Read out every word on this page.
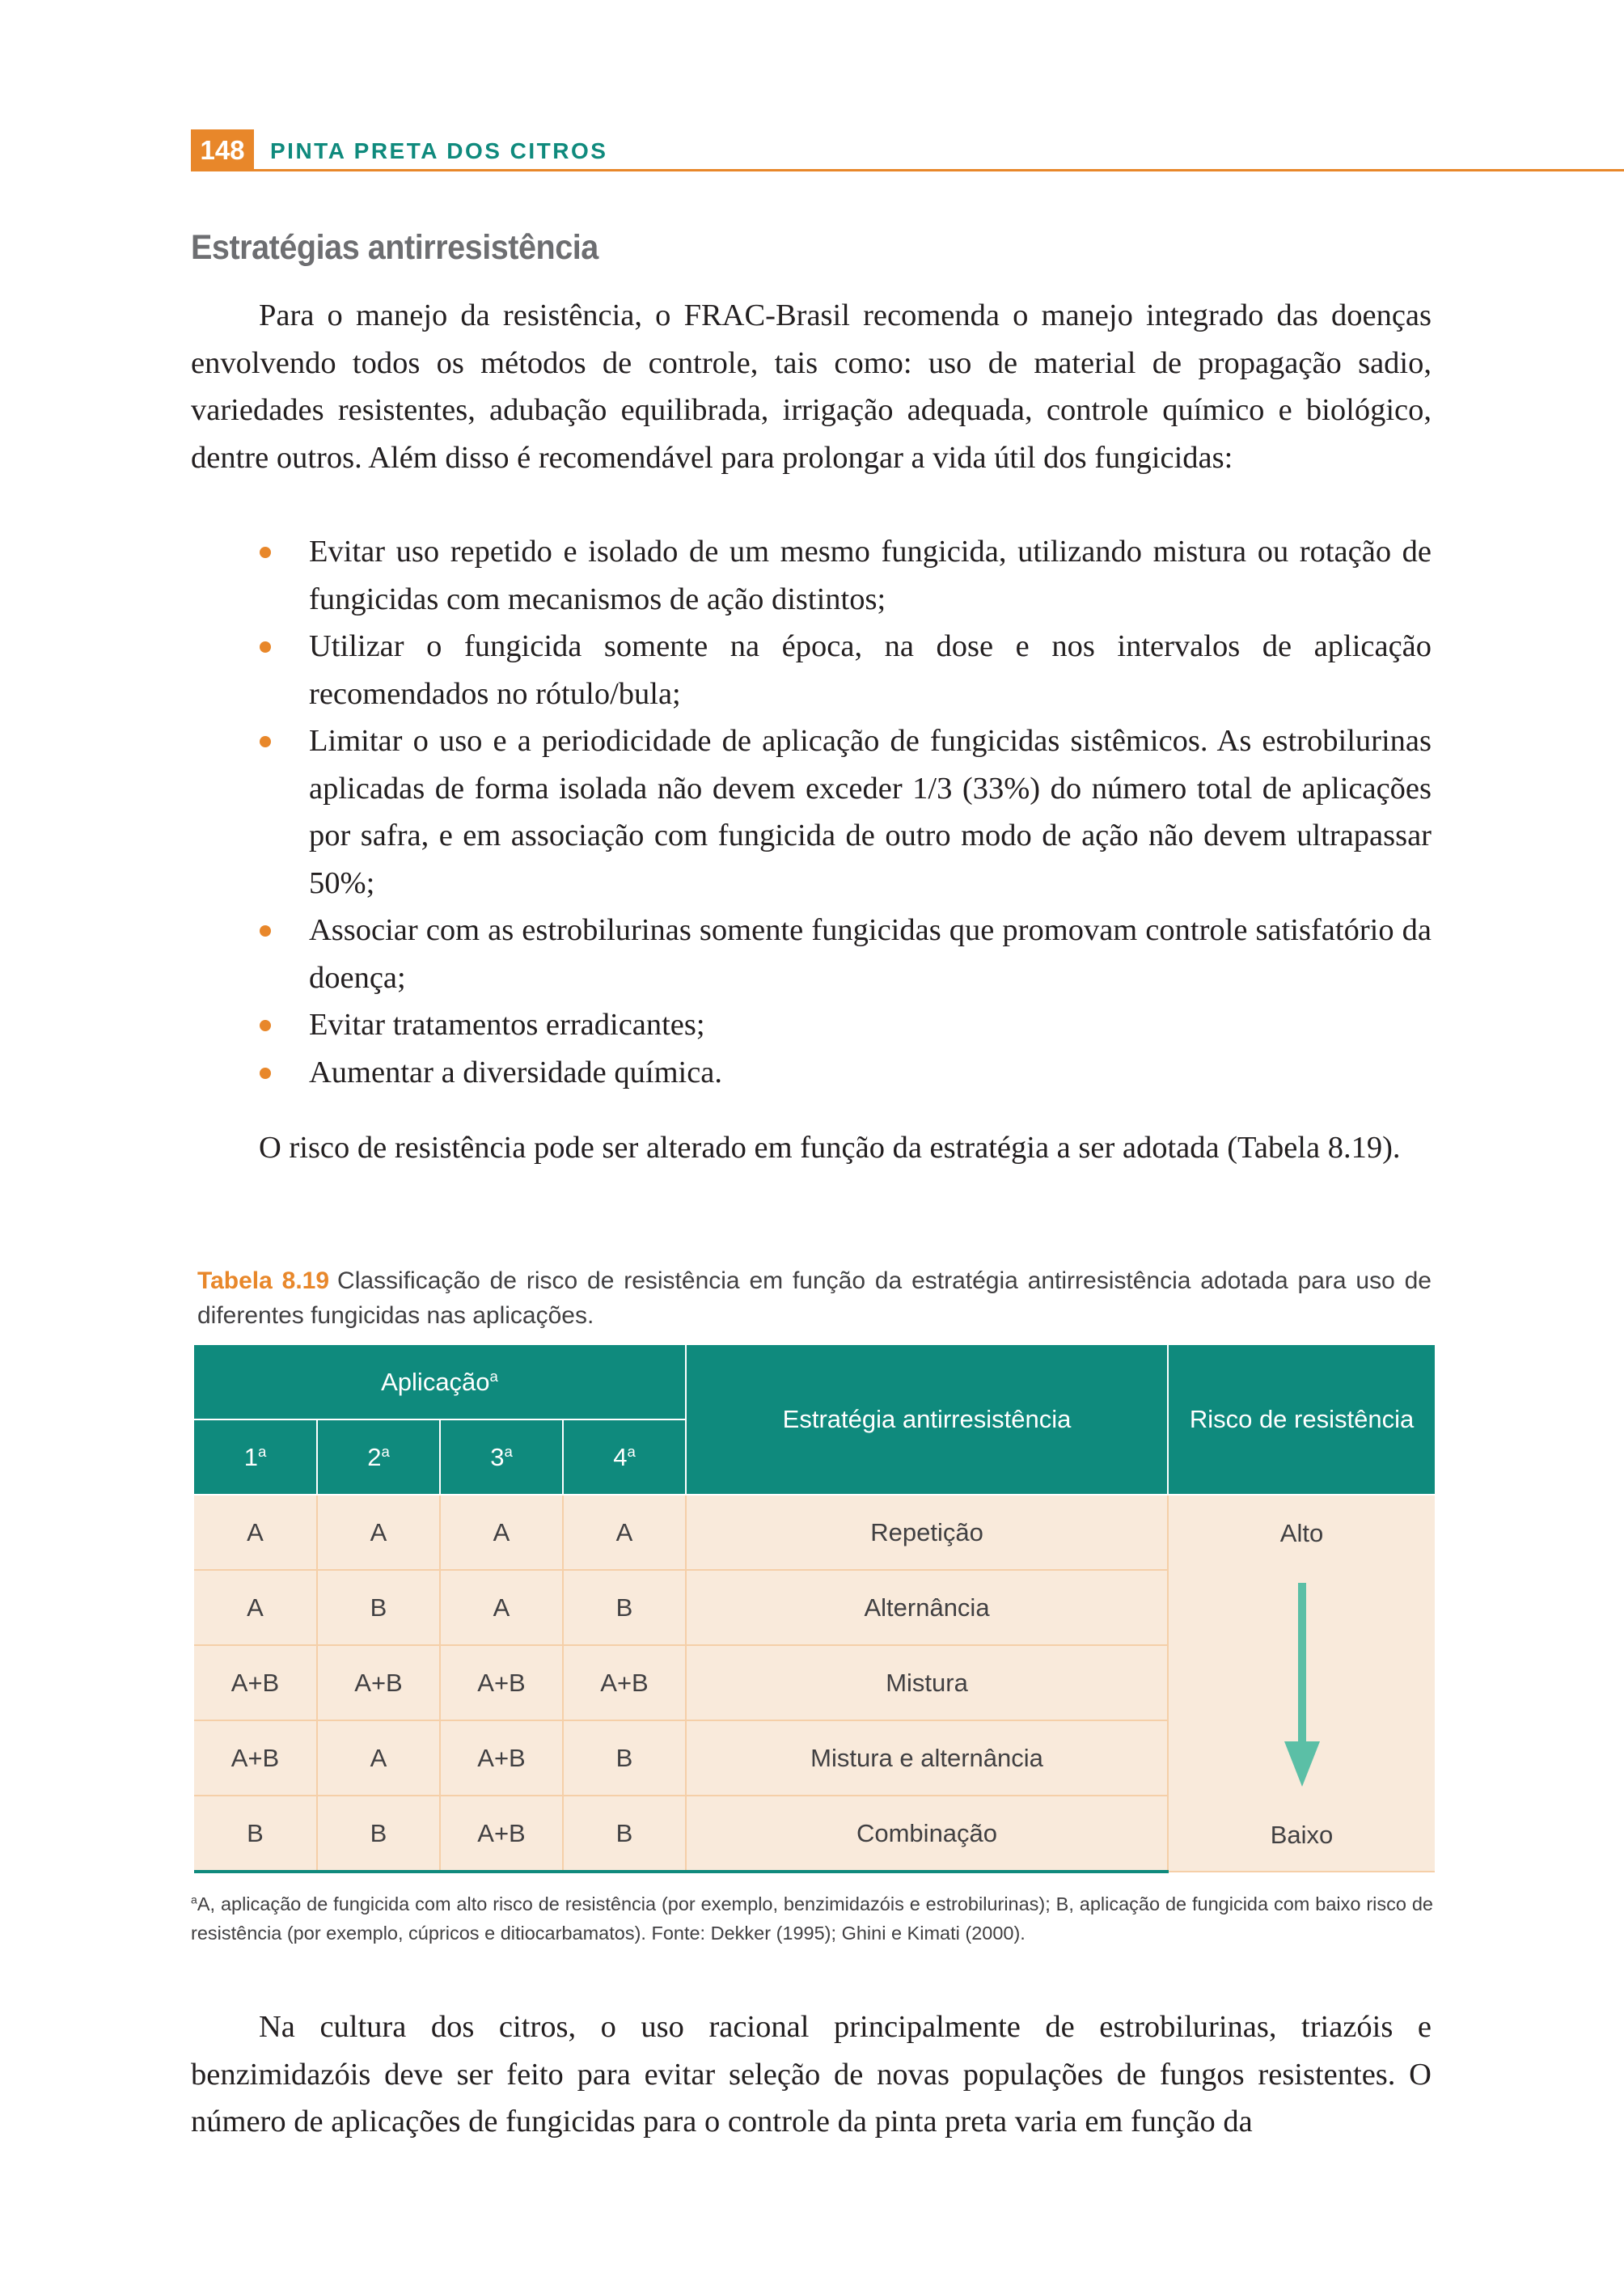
148	PINTA PRETA DOS CITROS
Estratégias antirresistência

Para o manejo da resistência, o FRAC-Brasil recomenda o manejo integrado das doenças envolvendo todos os métodos de controle, tais como: uso de material de propagação sadio, variedades resistentes, adubação equilibrada, irrigação adequada, controle químico e biológico, dentre outros. Além disso é recomendável para prolongar a vida útil dos fungicidas:

Evitar uso repetido e isolado de um mesmo fungicida, utilizando mistura ou rotação de fungicidas com mecanismos de ação distintos;
Utilizar o fungicida somente na época, na dose e nos intervalos de aplicação recomendados no rótulo/bula;
Limitar o uso e a periodicidade de aplicação de fungicidas sistêmicos. As estrobilurinas aplicadas de forma isolada não devem exceder 1/3 (33%) do número total de aplicações por safra, e em associação com fungicida de outro modo de ação não devem ultrapassar 50%;
Associar com as estrobilurinas somente fungicidas que promovam controle satisfatório da doença;
Evitar tratamentos erradicantes;
Aumentar a diversidade química.

O risco de resistência pode ser alterado em função da estratégia a ser adotada (Tabela 8.19).

Tabela 8.19 Classificação de risco de resistência em função da estratégia antirresistência adotada para uso de diferentes fungicidas nas aplicações.
Aplicação$^a$				Estratégia antirresistência	Risco de resistência
1$^a$	2$^a$	3$^a$	4$^a$
A	A	A	A	Repetição	Alto
Baixo

A	B	A	B	Alternância	
A+B	A+B	A+B	A+B	Mistura	
A+B	A	A+B	B	Mistura e alternância	
B	B	A+B	B	Combinação	
$^a$A, aplicação de fungicida com alto risco de resistência (por exemplo, benzimidazóis e estrobilurinas); B, aplicação de fungicida com baixo risco de resistência (por exemplo, cúpricos e ditiocarbamatos). Fonte: Dekker (1995); Ghini e Kimati (2000).

Na cultura dos citros, o uso racional principalmente de estrobilurinas, triazóis e benzimidazóis deve ser feito para evitar seleção de novas populações de fungos resistentes. O número de aplicações de fungicidas para o controle da pinta preta varia em função da
